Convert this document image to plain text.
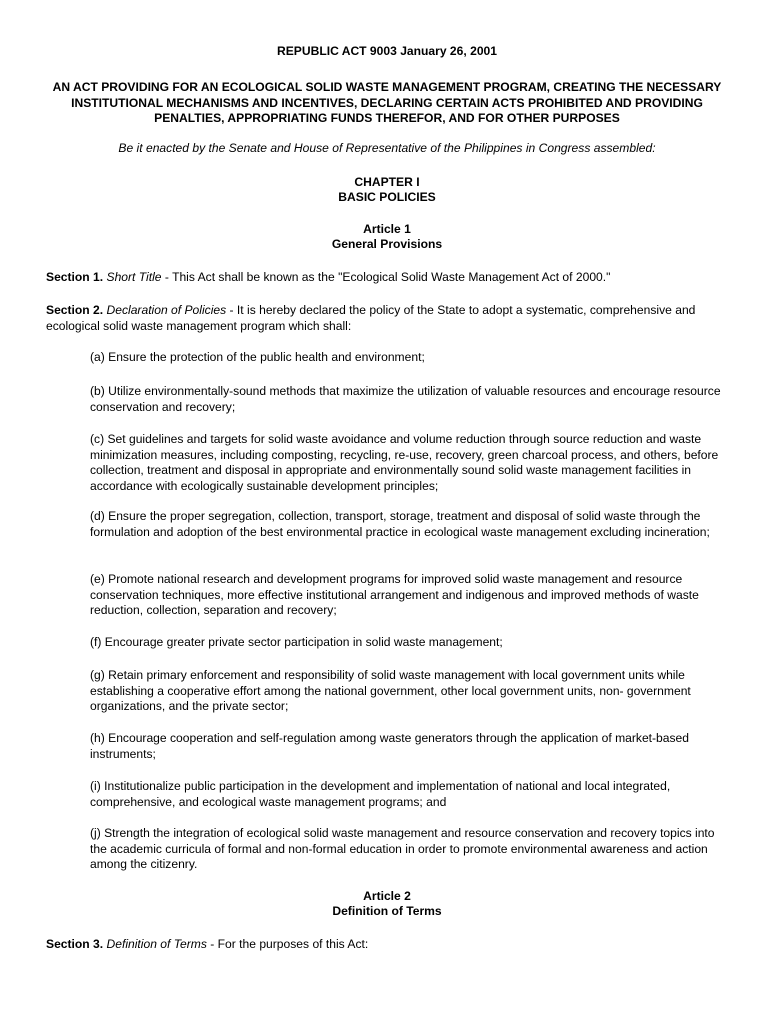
REPUBLIC ACT 9003 January 26, 2001

AN ACT PROVIDING FOR AN ECOLOGICAL SOLID WASTE MANAGEMENT PROGRAM, CREATING THE NECESSARY INSTITUTIONAL MECHANISMS AND INCENTIVES, DECLARING CERTAIN ACTS PROHIBITED AND PROVIDING PENALTIES, APPROPRIATING FUNDS THEREFOR, AND FOR OTHER PURPOSES

Be it enacted by the Senate and House of Representative of the Philippines in Congress assembled:

CHAPTER I

BASIC POLICIES

Article 1

General Provisions

Section 1. Short Title - This Act shall be known as the "Ecological Solid Waste Management Act of 2000."

Section 2. Declaration of Policies - It is hereby declared the policy of the State to adopt a systematic, comprehensive and ecological solid waste management program which shall:

(a) Ensure the protection of the public health and environment;

(b) Utilize environmentally-sound methods that maximize the utilization of valuable resources and encourage resource conservation and recovery;

(c) Set guidelines and targets for solid waste avoidance and volume reduction through source reduction and waste minimization measures, including composting, recycling, re-use, recovery, green charcoal process, and others, before collection, treatment and disposal in appropriate and environmentally sound solid waste management facilities in accordance with ecologically sustainable development principles;

(d) Ensure the proper segregation, collection, transport, storage, treatment and disposal of solid waste through the formulation and adoption of the best environmental practice in ecological waste management excluding incineration;

(e) Promote national research and development programs for improved solid waste management and resource conservation techniques, more effective institutional arrangement and indigenous and improved methods of waste reduction, collection, separation and recovery;

(f) Encourage greater private sector participation in solid waste management;

(g) Retain primary enforcement and responsibility of solid waste management with local government units while establishing a cooperative effort among the national government, other local government units, non- government organizations, and the private sector;

(h) Encourage cooperation and self-regulation among waste generators through the application of market-based instruments;

(i) Institutionalize public participation in the development and implementation of national and local integrated, comprehensive, and ecological waste management programs; and

(j) Strength the integration of ecological solid waste management and resource conservation and recovery topics into the academic curricula of formal and non-formal education in order to promote environmental awareness and action among the citizenry.

Article 2

Definition of Terms

Section 3. Definition of Terms - For the purposes of this Act:
